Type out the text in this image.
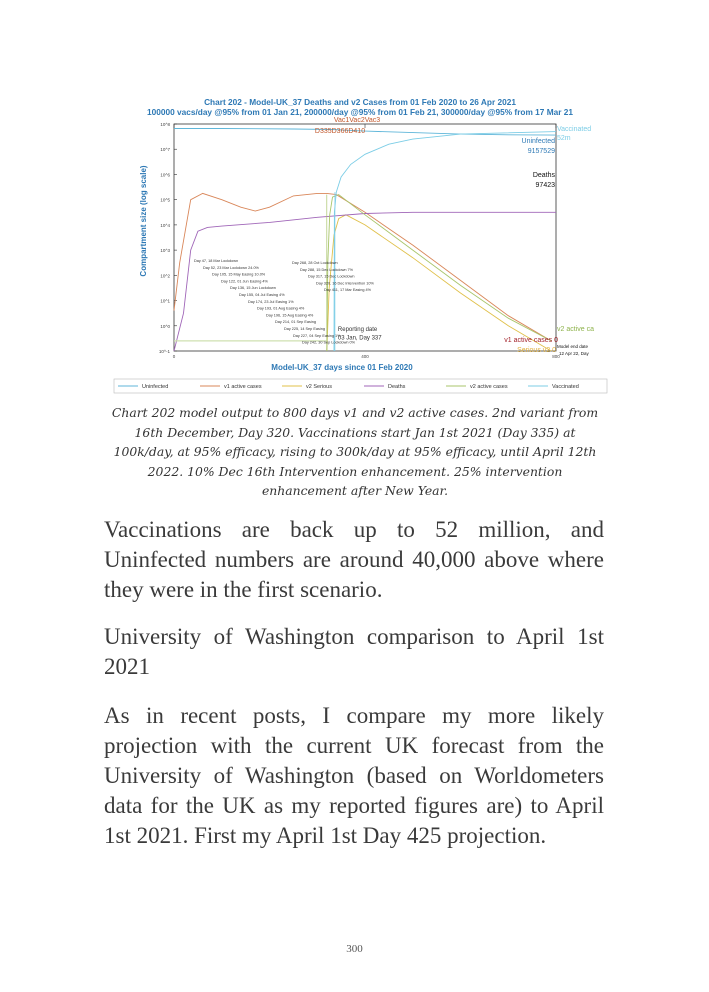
Chart 202 - Model-UK_37 Deaths and v2 Cases from 01 Feb 2020 to 26 Apr 2021
100000 vacs/day @95% from 01 Jan 21, 200000/day @95% from 01 Feb 21, 300000/day @95% from 17 Mar 21
Compartment size (log scale)
Model-UK_37 days since 01 Feb 2020
10^-1
10^0
10^1
10^2
10^3
10^4
10^5
10^6
10^7
10^8
0	400	800
Day 47, 18 Mar Lockdown
Day 52, 23 Mar Lockdown 24.0%
Day 105, 15 May Easing 10.0%
Day 122, 01 Jun Easing 4%
Day 136, 15 Jun Lockdown
Day 155, 04 Jul Easing 4%
Day 174, 23 Jul Easing 1%
Day 193, 01 Aug Easing 4%
Day 196, 15 Aug Easing 4%
Day 214, 01 Sep Easing
Day 225, 14 Sep Easing
Day 227, 04 Sep Easing 1%
Day 242, 30 Sep Lockdown 0%
Day 268, 28 Oct Lockdown
Day 288, 15 Dec Lockdown 7%
Day 317, 15 Dec Lockdown
Day 320, 16 Dec Intervention 10%
Day 411, 17 Mar Easing 4%
Reporting date
03 Jan, Day 337
Vac1Vac2Vac3
D335D366D410	Vaccinated
52m
Uninfected
9157529
Deaths
97423
v2 active ca
v1 active cases 0
Serious v2 0
Model end date
12 Apr 22, Day
Uninfected	v1 active cases	v2 Serious	Deaths	v2 active cases	Vaccinated
Chart 202 model output to 800 days v1 and v2 active cases. 2nd variant from 16th December, Day 320. Vaccinations start Jan 1st 2021 (Day 335) at 100k/day, at 95% efficacy, rising to 300k/day at 95% efficacy, until April 12th 2022. 10% Dec 16th Intervention enhancement. 25% intervention enhancement after New Year.
Vaccinations are back up to 52 million, and Uninfected numbers are around 40,000 above where they were in the first scenario.
University of Washington comparison to April 1st 2021
As in recent posts, I compare my more likely projection with the current UK forecast from the University of Washington (based on Worldometers data for the UK as my reported figures are) to April 1st 2021. First my April 1st Day 425 projection.
300
